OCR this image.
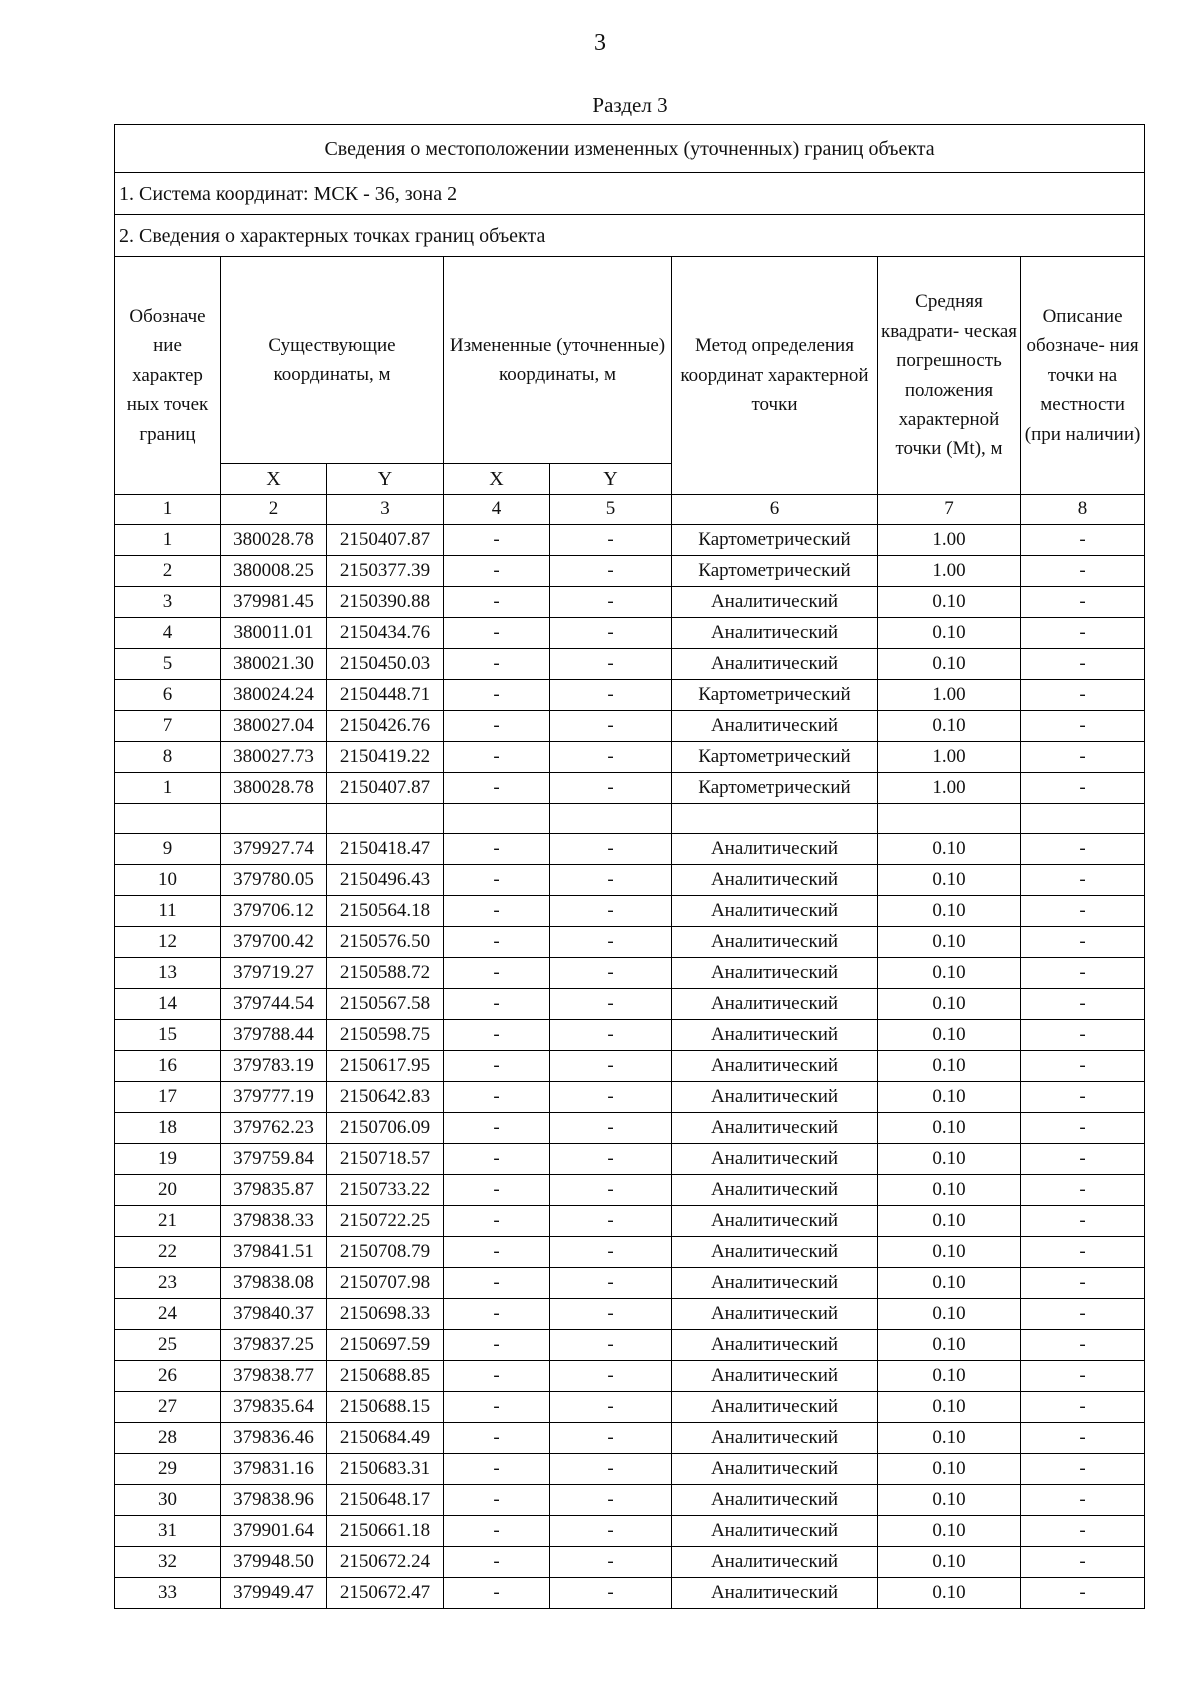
3
Раздел 3
Сведения о местоположении измененных (уточненных) границ объекта							
1. Система координат: МСК - 36, зона 2							
2. Сведения о характерных точках границ объекта							
Обозначе ние характер ных точек границ	Существующие координаты, м		Измененные (уточненные) координаты, м		Метод определения координат характерной точки	Средняя квадрати- ческая погрешность положения характерной точки (Mt), м	Описание обозначе- ния точки на местности (при наличии)
	X	Y	X	Y			
1	2	3	4	5	6	7	8
1	380028.78	2150407.87	-	-	Картометрический	1.00	-
2	380008.25	2150377.39	-	-	Картометрический	1.00	-
3	379981.45	2150390.88	-	-	Аналитический	0.10	-
4	380011.01	2150434.76	-	-	Аналитический	0.10	-
5	380021.30	2150450.03	-	-	Аналитический	0.10	-
6	380024.24	2150448.71	-	-	Картометрический	1.00	-
7	380027.04	2150426.76	-	-	Аналитический	0.10	-
8	380027.73	2150419.22	-	-	Картометрический	1.00	-
1	380028.78	2150407.87	-	-	Картометрический	1.00	-

9	379927.74	2150418.47	-	-	Аналитический	0.10	-
10	379780.05	2150496.43	-	-	Аналитический	0.10	-
11	379706.12	2150564.18	-	-	Аналитический	0.10	-
12	379700.42	2150576.50	-	-	Аналитический	0.10	-
13	379719.27	2150588.72	-	-	Аналитический	0.10	-
14	379744.54	2150567.58	-	-	Аналитический	0.10	-
15	379788.44	2150598.75	-	-	Аналитический	0.10	-
16	379783.19	2150617.95	-	-	Аналитический	0.10	-
17	379777.19	2150642.83	-	-	Аналитический	0.10	-
18	379762.23	2150706.09	-	-	Аналитический	0.10	-
19	379759.84	2150718.57	-	-	Аналитический	0.10	-
20	379835.87	2150733.22	-	-	Аналитический	0.10	-
21	379838.33	2150722.25	-	-	Аналитический	0.10	-
22	379841.51	2150708.79	-	-	Аналитический	0.10	-
23	379838.08	2150707.98	-	-	Аналитический	0.10	-
24	379840.37	2150698.33	-	-	Аналитический	0.10	-
25	379837.25	2150697.59	-	-	Аналитический	0.10	-
26	379838.77	2150688.85	-	-	Аналитический	0.10	-
27	379835.64	2150688.15	-	-	Аналитический	0.10	-
28	379836.46	2150684.49	-	-	Аналитический	0.10	-
29	379831.16	2150683.31	-	-	Аналитический	0.10	-
30	379838.96	2150648.17	-	-	Аналитический	0.10	-
31	379901.64	2150661.18	-	-	Аналитический	0.10	-
32	379948.50	2150672.24	-	-	Аналитический	0.10	-
33	379949.47	2150672.47	-	-	Аналитический	0.10	-
